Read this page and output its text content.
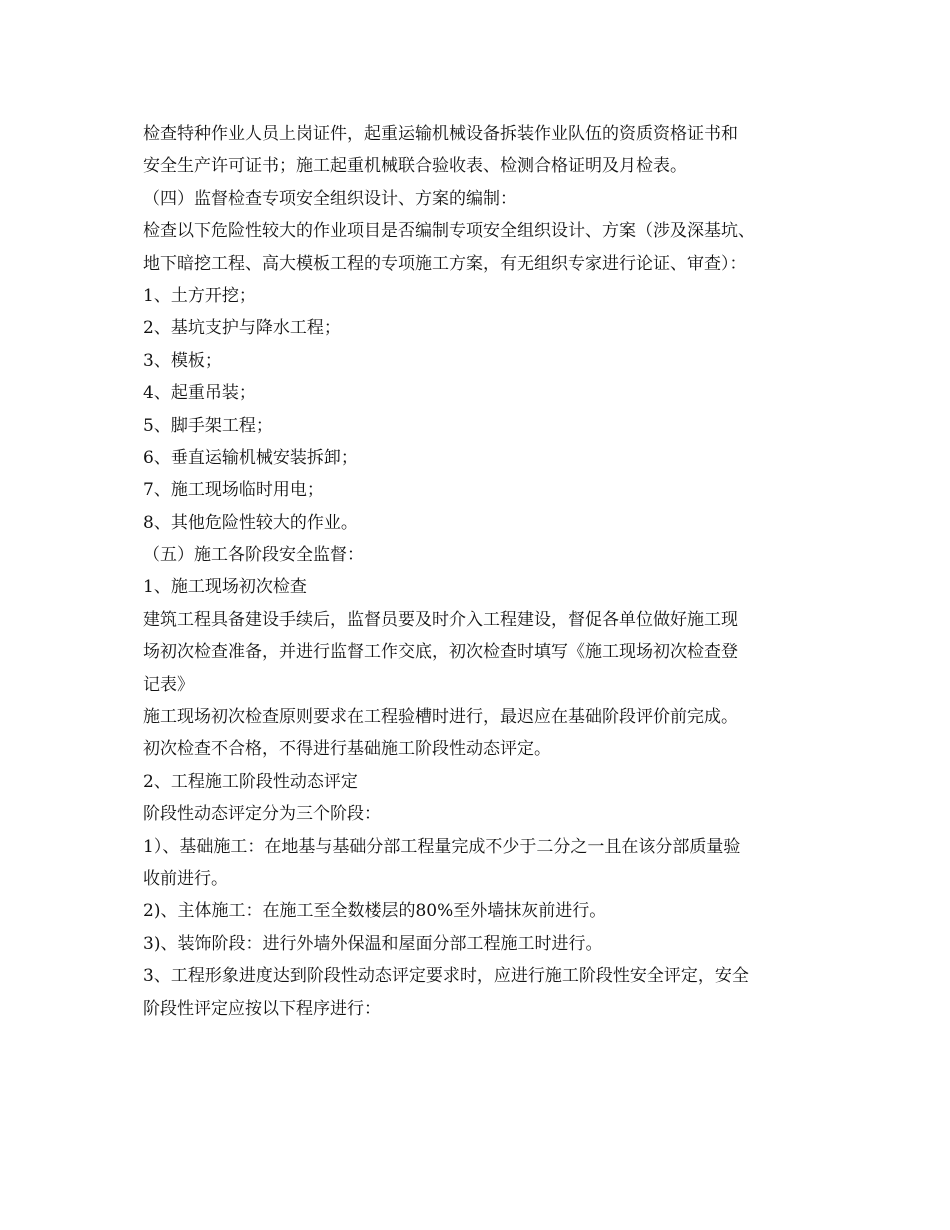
检查特种作业人员上岗证件，起重运输机械设备拆装作业队伍的资质资格证书和
安全生产许可证书；施工起重机械联合验收表、检测合格证明及月检表。
（四）监督检查专项安全组织设计、方案的编制：
检查以下危险性较大的作业项目是否编制专项安全组织设计、方案（涉及深基坑、
地下暗挖工程、高大模板工程的专项施工方案，有无组织专家进行论证、审查）：
1、土方开挖；
2、基坑支护与降水工程；
3、模板；
4、起重吊装；
5、脚手架工程；
6、垂直运输机械安装拆卸；
7、施工现场临时用电；
8、其他危险性较大的作业。
（五）施工各阶段安全监督：
1、施工现场初次检查
建筑工程具备建设手续后，监督员要及时介入工程建设，督促各单位做好施工现
场初次检查准备，并进行监督工作交底，初次检查时填写《施工现场初次检查登
记表》
施工现场初次检查原则要求在工程验槽时进行，最迟应在基础阶段评价前完成。
初次检查不合格，不得进行基础施工阶段性动态评定。
2、工程施工阶段性动态评定
阶段性动态评定分为三个阶段：
1）、基础施工：在地基与基础分部工程量完成不少于二分之一且在该分部质量验
收前进行。
2)、主体施工：在施工至全数楼层的80%至外墙抹灰前进行。
3)、装饰阶段：进行外墙外保温和屋面分部工程施工时进行。
3、工程形象进度达到阶段性动态评定要求时，应进行施工阶段性安全评定，安全
阶段性评定应按以下程序进行：
